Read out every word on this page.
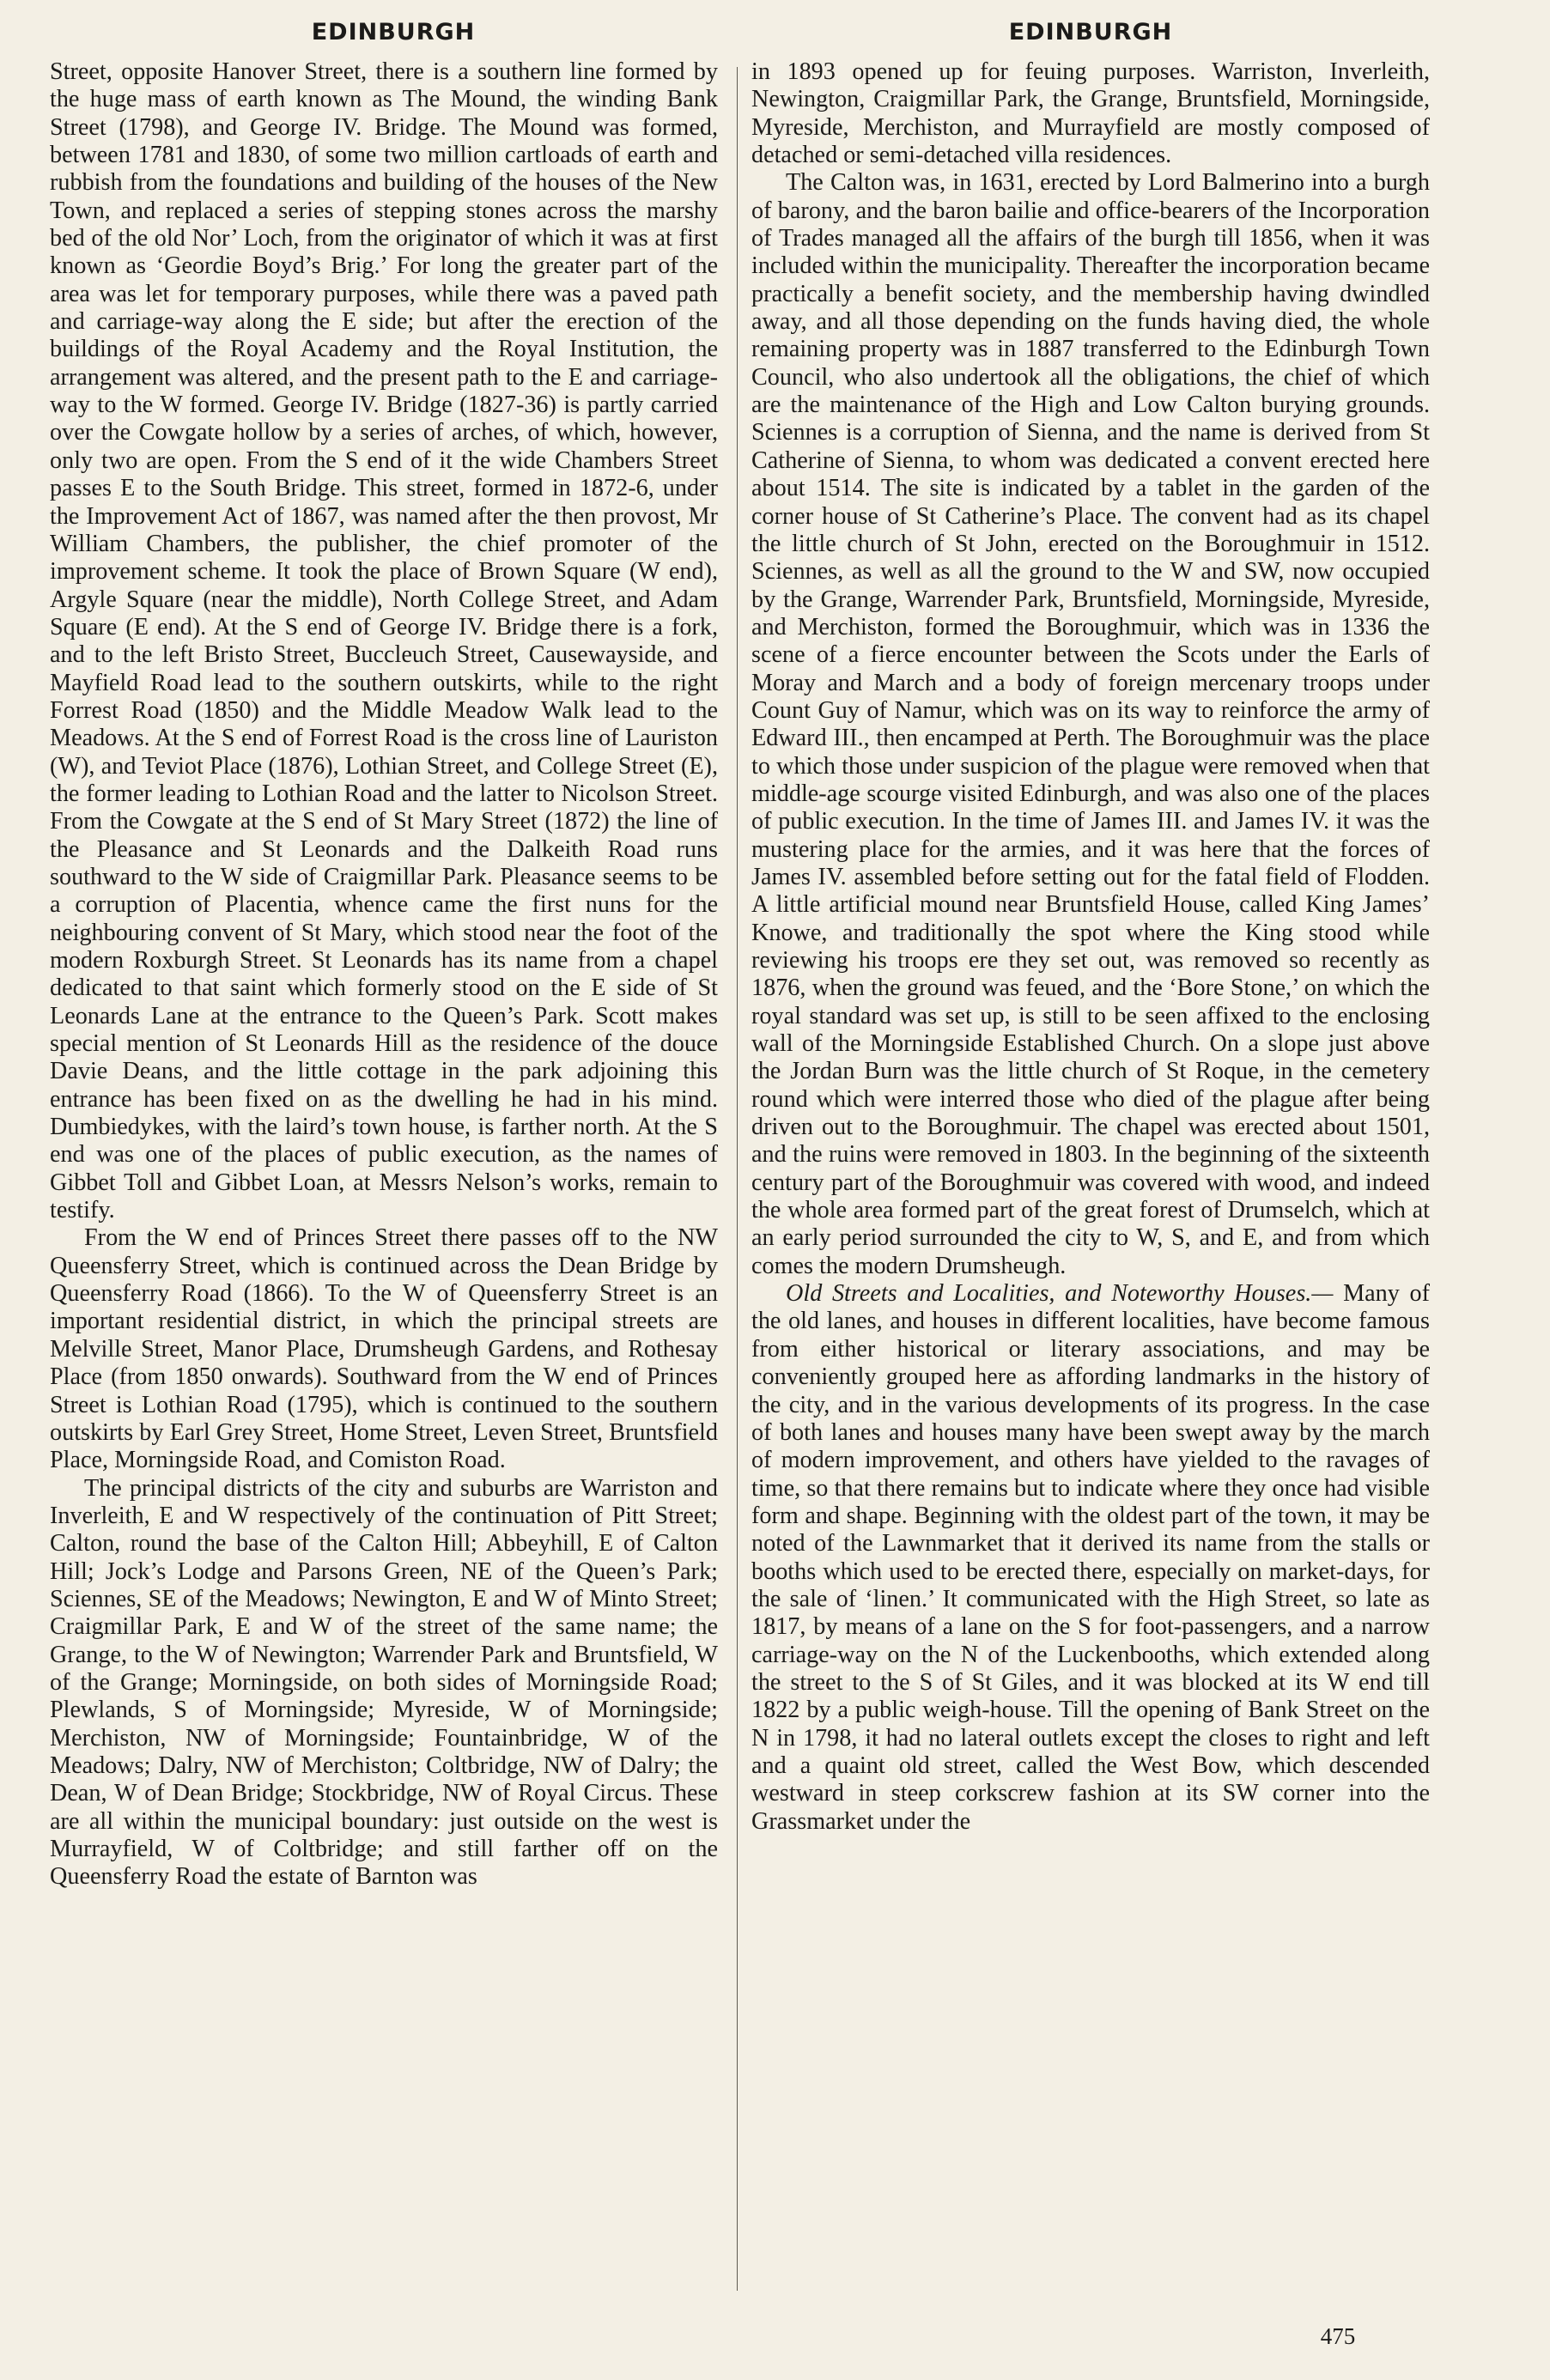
EDINBURGH	EDINBURGH

Street, opposite Hanover Street, there is a southern line formed by the huge mass of earth known as The Mound, the winding Bank Street (1798), and George IV. Bridge. The Mound was formed, between 1781 and 1830, of some two million cartloads of earth and rubbish from the foundations and building of the houses of the New Town, and replaced a series of stepping stones across the marshy bed of the old Nor’ Loch, from the originator of which it was at first known as ‘Geordie Boyd’s Brig.’ For long the greater part of the area was let for temporary purposes, while there was a paved path and carriage-way along the E side; but after the erection of the buildings of the Royal Academy and the Royal Institution, the arrangement was altered, and the present path to the E and carriage-way to the W formed. George IV. Bridge (1827-36) is partly carried over the Cowgate hollow by a series of arches, of which, however, only two are open. From the S end of it the wide Chambers Street passes E to the South Bridge. This street, formed in 1872-6, under the Improvement Act of 1867, was named after the then provost, Mr William Chambers, the publisher, the chief promoter of the improvement scheme. It took the place of Brown Square (W end), Argyle Square (near the middle), North College Street, and Adam Square (E end). At the S end of George IV. Bridge there is a fork, and to the left Bristo Street, Buccleuch Street, Causewayside, and Mayfield Road lead to the southern outskirts, while to the right Forrest Road (1850) and the Middle Meadow Walk lead to the Meadows. At the S end of Forrest Road is the cross line of Lauriston (W), and Teviot Place (1876), Lothian Street, and College Street (E), the former leading to Lothian Road and the latter to Nicolson Street. From the Cowgate at the S end of St Mary Street (1872) the line of the Pleasance and St Leonards and the Dalkeith Road runs southward to the W side of Craigmillar Park. Pleasance seems to be a corruption of Placentia, whence came the first nuns for the neighbouring convent of St Mary, which stood near the foot of the modern Roxburgh Street. St Leonards has its name from a chapel dedicated to that saint which formerly stood on the E side of St Leonards Lane at the entrance to the Queen’s Park. Scott makes special mention of St Leonards Hill as the residence of the douce Davie Deans, and the little cottage in the park adjoining this entrance has been fixed on as the dwelling he had in his mind. Dumbiedykes, with the laird’s town house, is farther north. At the S end was one of the places of public execution, as the names of Gibbet Toll and Gibbet Loan, at Messrs Nelson’s works, remain to testify.

From the W end of Princes Street there passes off to the NW Queensferry Street, which is continued across the Dean Bridge by Queensferry Road (1866). To the W of Queensferry Street is an important residential district, in which the principal streets are Melville Street, Manor Place, Drumsheugh Gardens, and Rothesay Place (from 1850 onwards). Southward from the W end of Princes Street is Lothian Road (1795), which is continued to the southern outskirts by Earl Grey Street, Home Street, Leven Street, Bruntsfield Place, Morningside Road, and Comiston Road.

The principal districts of the city and suburbs are Warriston and Inverleith, E and W respectively of the continuation of Pitt Street; Calton, round the base of the Calton Hill; Abbeyhill, E of Calton Hill; Jock’s Lodge and Parsons Green, NE of the Queen’s Park; Sciennes, SE of the Meadows; Newington, E and W of Minto Street; Craigmillar Park, E and W of the street of the same name; the Grange, to the W of Newington; Warrender Park and Bruntsfield, W of the Grange; Morningside, on both sides of Morningside Road; Plewlands, S of Morningside; Myreside, W of Morningside; Merchiston, NW of Morningside; Fountainbridge, W of the Meadows; Dalry, NW of Merchiston; Coltbridge, NW of Dalry; the Dean, W of Dean Bridge; Stockbridge, NW of Royal Circus. These are all within the municipal boundary: just outside on the west is Murrayfield, W of Coltbridge; and still farther off on the Queensferry Road the estate of Barnton was

in 1893 opened up for feuing purposes. Warriston, Inverleith, Newington, Craigmillar Park, the Grange, Bruntsfield, Morningside, Myreside, Merchiston, and Murrayfield are mostly composed of detached or semi-detached villa residences.

The Calton was, in 1631, erected by Lord Balmerino into a burgh of barony, and the baron bailie and office-bearers of the Incorporation of Trades managed all the affairs of the burgh till 1856, when it was included within the municipality. Thereafter the incorporation became practically a benefit society, and the membership having dwindled away, and all those depending on the funds having died, the whole remaining property was in 1887 transferred to the Edinburgh Town Council, who also undertook all the obligations, the chief of which are the maintenance of the High and Low Calton burying grounds. Sciennes is a corruption of Sienna, and the name is derived from St Catherine of Sienna, to whom was dedicated a convent erected here about 1514. The site is indicated by a tablet in the garden of the corner house of St Catherine’s Place. The convent had as its chapel the little church of St John, erected on the Boroughmuir in 1512. Sciennes, as well as all the ground to the W and SW, now occupied by the Grange, Warrender Park, Bruntsfield, Morningside, Myreside, and Merchiston, formed the Boroughmuir, which was in 1336 the scene of a fierce encounter between the Scots under the Earls of Moray and March and a body of foreign mercenary troops under Count Guy of Namur, which was on its way to reinforce the army of Edward III., then encamped at Perth. The Boroughmuir was the place to which those under suspicion of the plague were removed when that middle-age scourge visited Edinburgh, and was also one of the places of public execution. In the time of James III. and James IV. it was the mustering place for the armies, and it was here that the forces of James IV. assembled before setting out for the fatal field of Flodden. A little artificial mound near Bruntsfield House, called King James’ Knowe, and traditionally the spot where the King stood while reviewing his troops ere they set out, was removed so recently as 1876, when the ground was feued, and the ‘Bore Stone,’ on which the royal standard was set up, is still to be seen affixed to the enclosing wall of the Morningside Established Church. On a slope just above the Jordan Burn was the little church of St Roque, in the cemetery round which were interred those who died of the plague after being driven out to the Boroughmuir. The chapel was erected about 1501, and the ruins were removed in 1803. In the beginning of the sixteenth century part of the Boroughmuir was covered with wood, and indeed the whole area formed part of the great forest of Drumselch, which at an early period surrounded the city to W, S, and E, and from which comes the modern Drumsheugh.

Old Streets and Localities, and Noteworthy Houses.— Many of the old lanes, and houses in different localities, have become famous from either historical or literary associations, and may be conveniently grouped here as affording landmarks in the history of the city, and in the various developments of its progress. In the case of both lanes and houses many have been swept away by the march of modern improvement, and others have yielded to the ravages of time, so that there remains but to indicate where they once had visible form and shape. Beginning with the oldest part of the town, it may be noted of the Lawnmarket that it derived its name from the stalls or booths which used to be erected there, especially on market-days, for the sale of ‘linen.’ It communicated with the High Street, so late as 1817, by means of a lane on the S for foot-passengers, and a narrow carriage-way on the N of the Luckenbooths, which extended along the street to the S of St Giles, and it was blocked at its W end till 1822 by a public weigh-house. Till the opening of Bank Street on the N in 1798, it had no lateral outlets except the closes to right and left and a quaint old street, called the West Bow, which descended westward in steep corkscrew fashion at its SW corner into the Grassmarket under the

475
